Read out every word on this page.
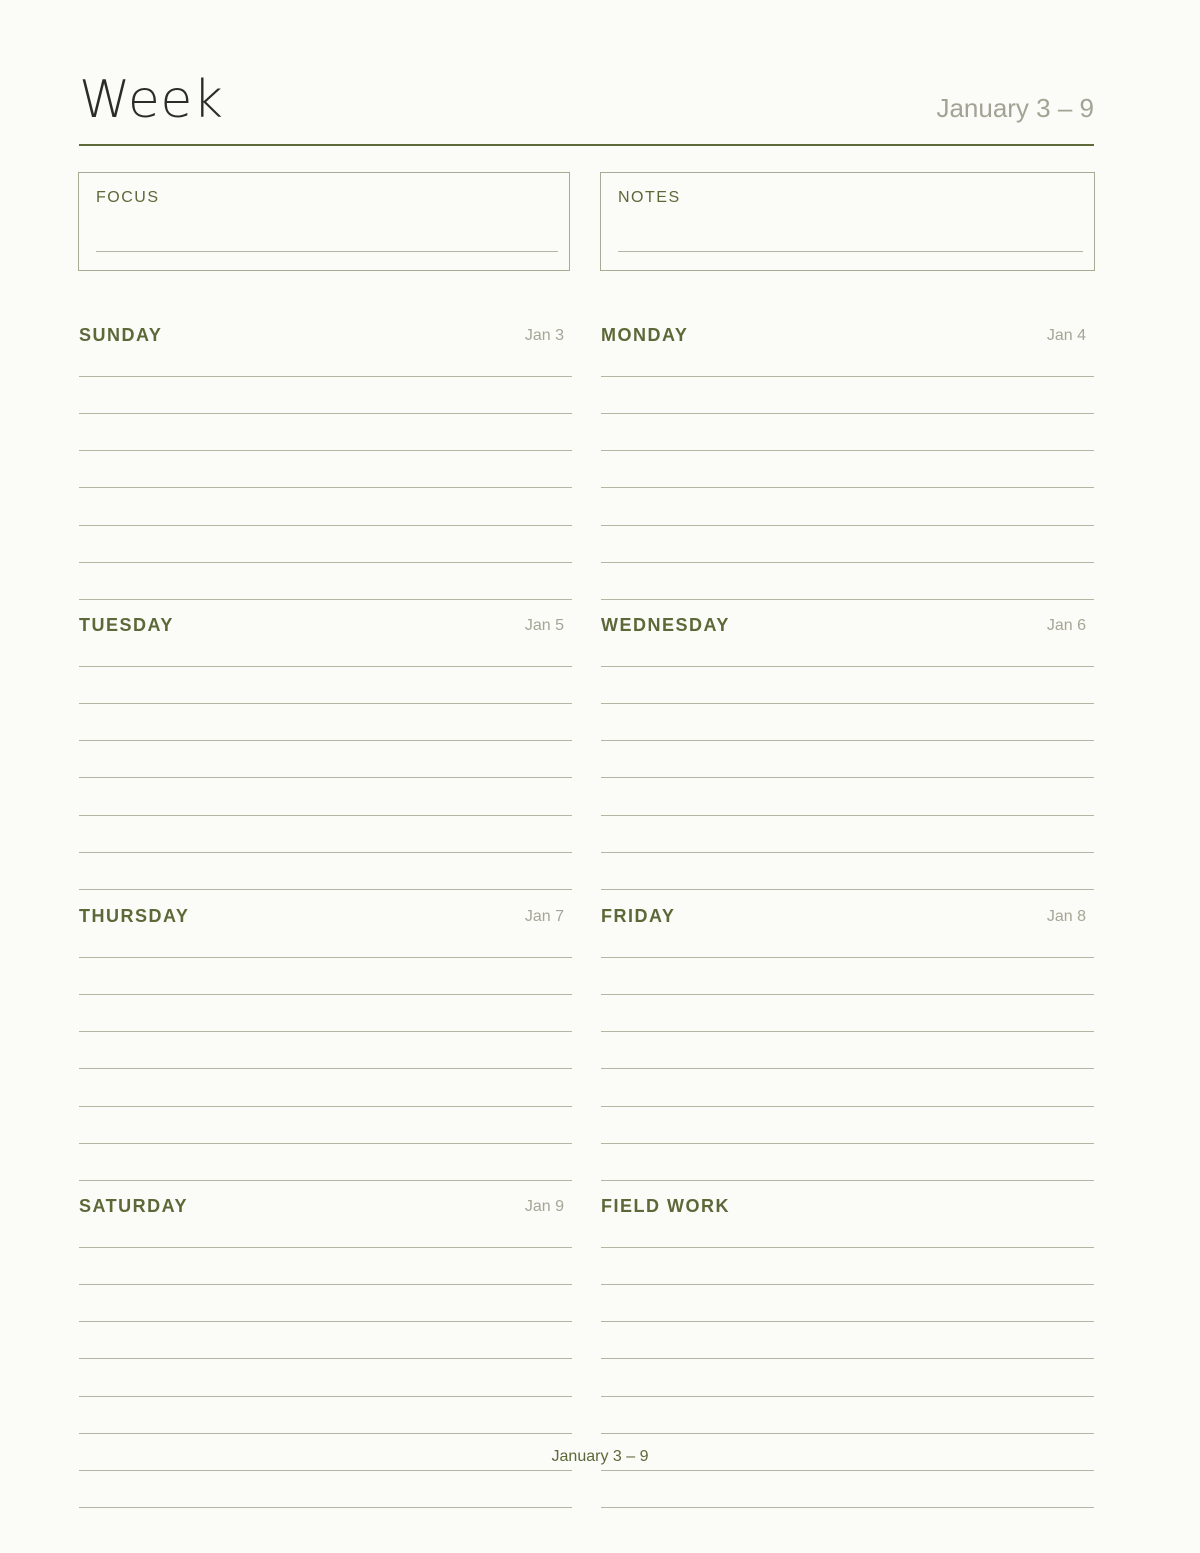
Week	January 3 – 9
FOCUS	NOTES
SUNDAY	Jan 3 MONDAY	Jan 4
TUESDAY	Jan 5 WEDNESDAY	Jan 6
THURSDAY	Jan 7 FRIDAY	Jan 8
SATURDAY	Jan 9 FIELD WORK
January 3 – 9
